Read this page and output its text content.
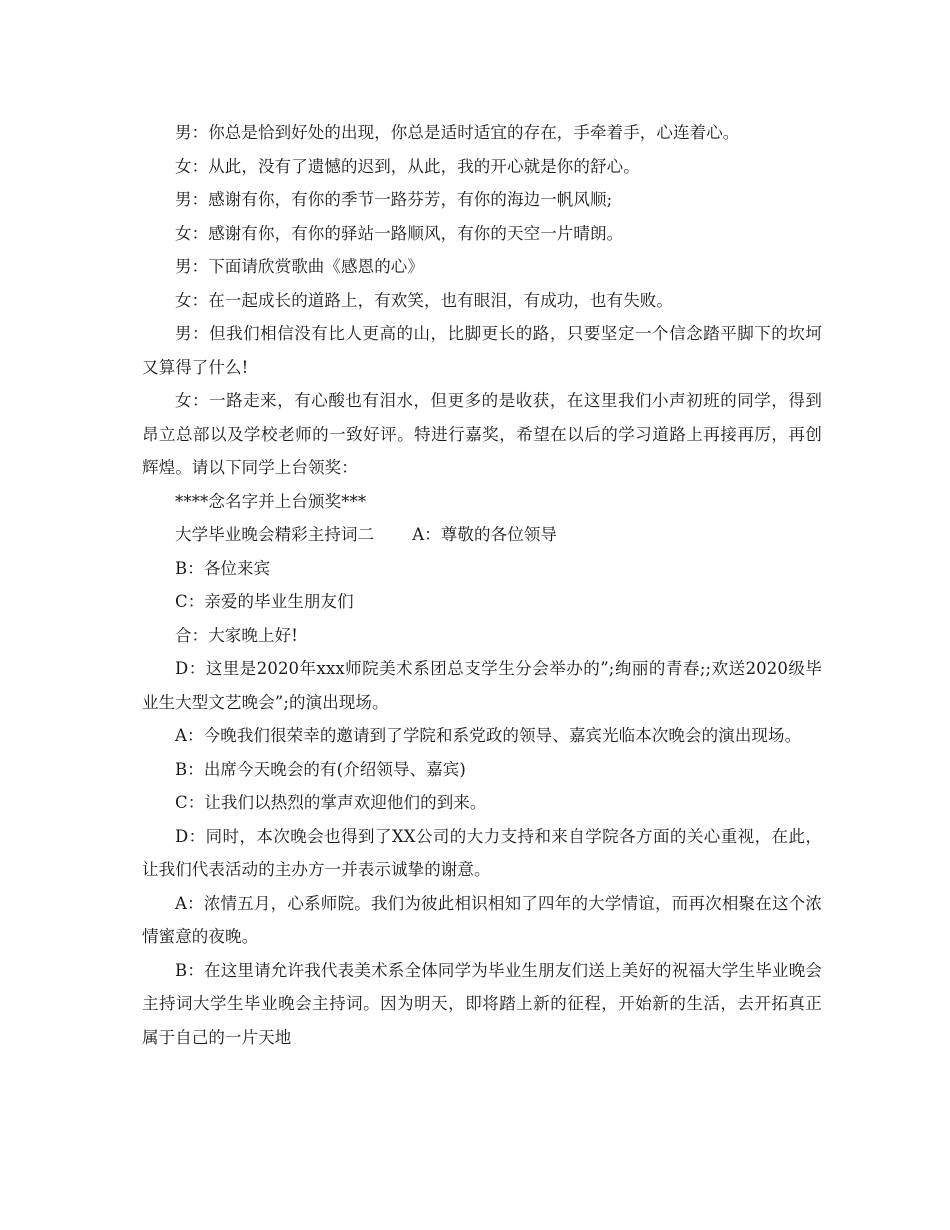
男：你总是恰到好处的出现，你总是适时适宜的存在，手牵着手，心连着心。

女：从此，没有了遗憾的迟到，从此，我的开心就是你的舒心。

男：感谢有你，有你的季节一路芬芳，有你的海边一帆风顺;

女：感谢有你，有你的驿站一路顺风，有你的天空一片晴朗。

男：下面请欣赏歌曲《感恩的心》

女：在一起成长的道路上，有欢笑，也有眼泪，有成功，也有失败。

男：但我们相信没有比人更高的山，比脚更长的路，只要坚定一个信念踏平脚下的坎坷又算得了什么!

女：一路走来，有心酸也有泪水，但更多的是收获，在这里我们小声初班的同学，得到昂立总部以及学校老师的一致好评。特进行嘉奖，希望在以后的学习道路上再接再厉，再创辉煌。请以下同学上台领奖：

****念名字并上台颁奖***

大学毕业晚会精彩主持词二 A：尊敬的各位领导

B：各位来宾

C：亲爱的毕业生朋友们

合：大家晚上好!

D：这里是2020年xxx师院美术系团总支学生分会举办的”;绚丽的青春;;欢送2020级毕业生大型文艺晚会”;的演出现场。

A：今晚我们很荣幸的邀请到了学院和系党政的领导、嘉宾光临本次晚会的演出现场。

B：出席今天晚会的有(介绍领导、嘉宾)

C：让我们以热烈的掌声欢迎他们的到来。

D：同时，本次晚会也得到了XX公司的大力支持和来自学院各方面的关心重视，在此，让我们代表活动的主办方一并表示诚挚的谢意。

A：浓情五月，心系师院。我们为彼此相识相知了四年的大学情谊，而再次相聚在这个浓情蜜意的夜晚。

B：在这里请允许我代表美术系全体同学为毕业生朋友们送上美好的祝福大学生毕业晚会主持词大学生毕业晚会主持词。因为明天，即将踏上新的征程，开始新的生活，去开拓真正属于自己的一片天地
